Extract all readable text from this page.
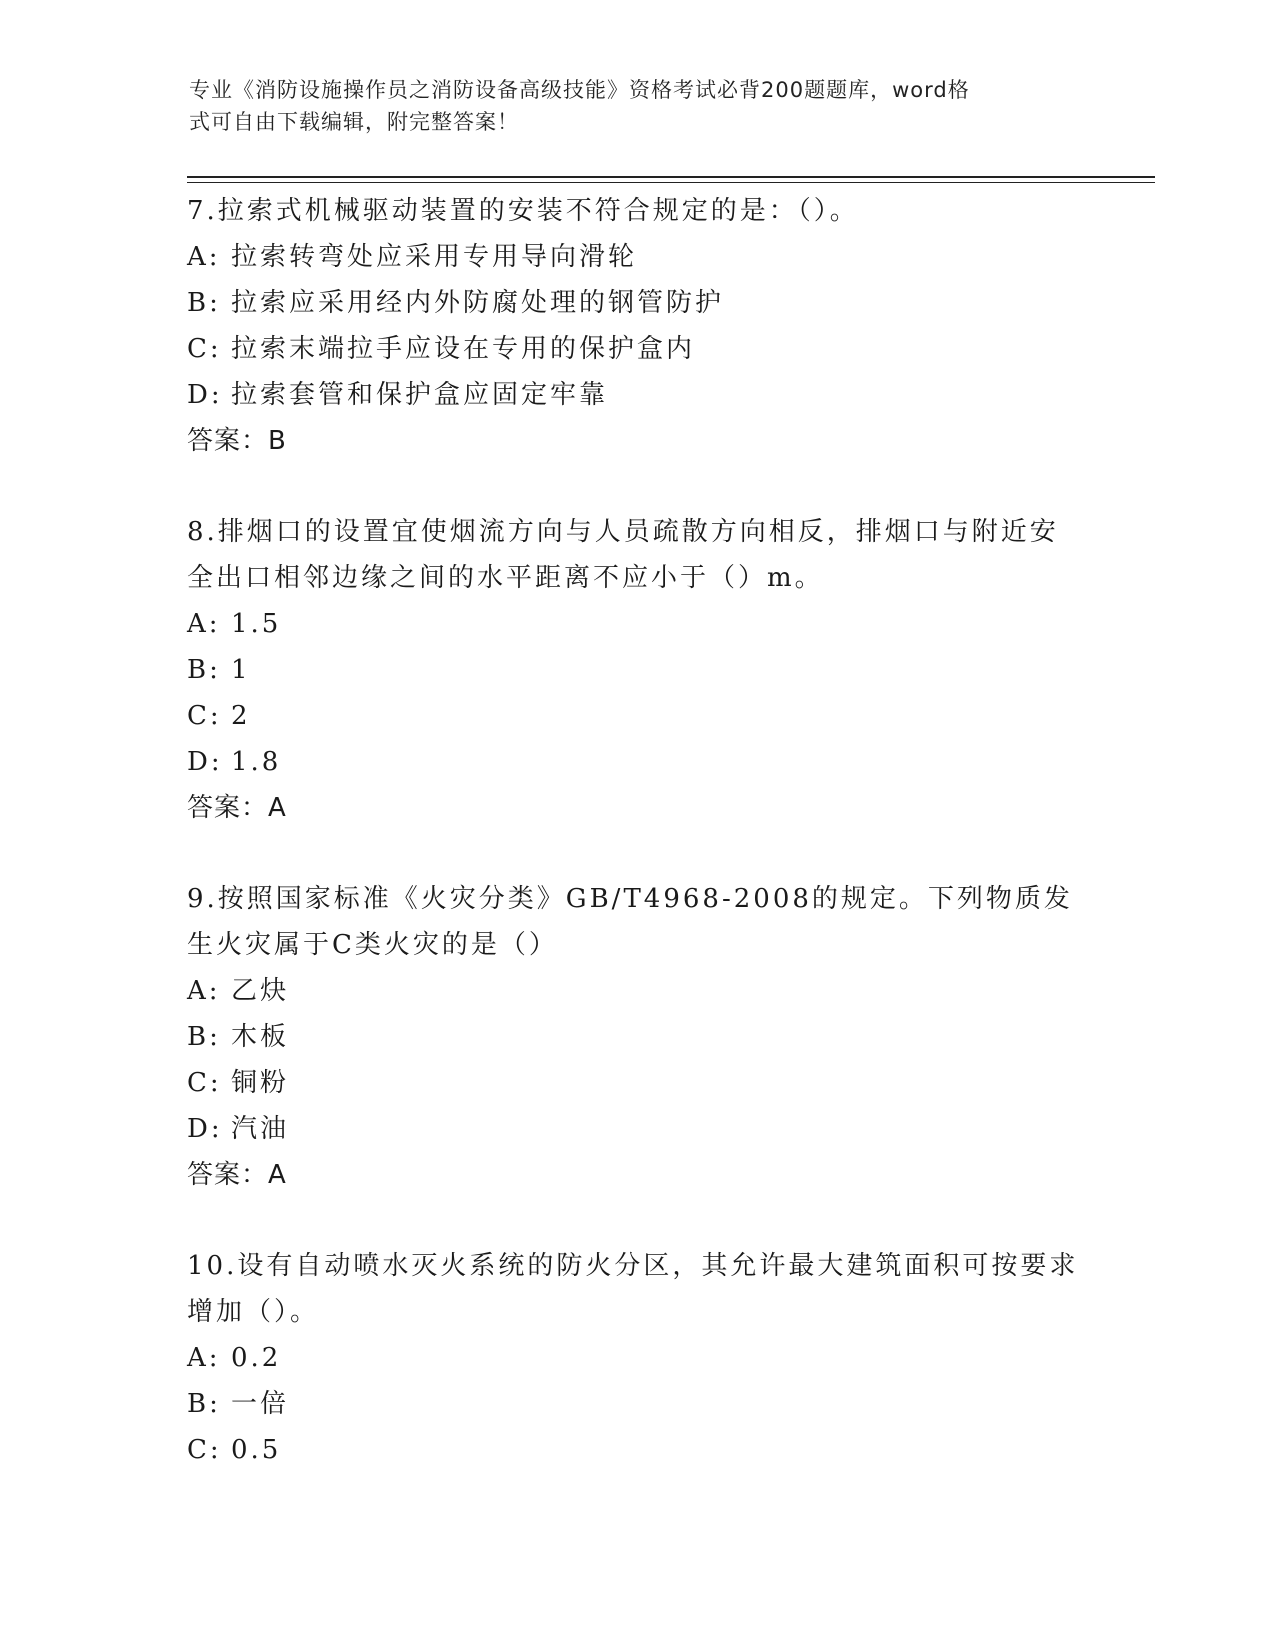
专业《消防设施操作员之消防设备高级技能》资格考试必背200题题库，word格
式可自由下载编辑，附完整答案！

7.拉索式机械驱动装置的安装不符合规定的是：（）。

A: 拉索转弯处应采用专用导向滑轮

B: 拉索应采用经内外防腐处理的钢管防护

C: 拉索末端拉手应设在专用的保护盒内

D: 拉索套管和保护盒应固定牢靠

答案：B

8.排烟口的设置宜使烟流方向与人员疏散方向相反，排烟口与附近安全出口相邻边缘之间的水平距离不应小于（）m。

A: 1.5

B: 1

C: 2

D: 1.8

答案：A

9.按照国家标准《火灾分类》GB/T4968-2008的规定。下列物质发生火灾属于C类火灾的是（）

A: 乙炔

B: 木板

C: 铜粉

D: 汽油

答案：A

10.设有自动喷水灭火系统的防火分区，其允许最大建筑面积可按要求增加（）。

A: 0.2

B: 一倍

C: 0.5
